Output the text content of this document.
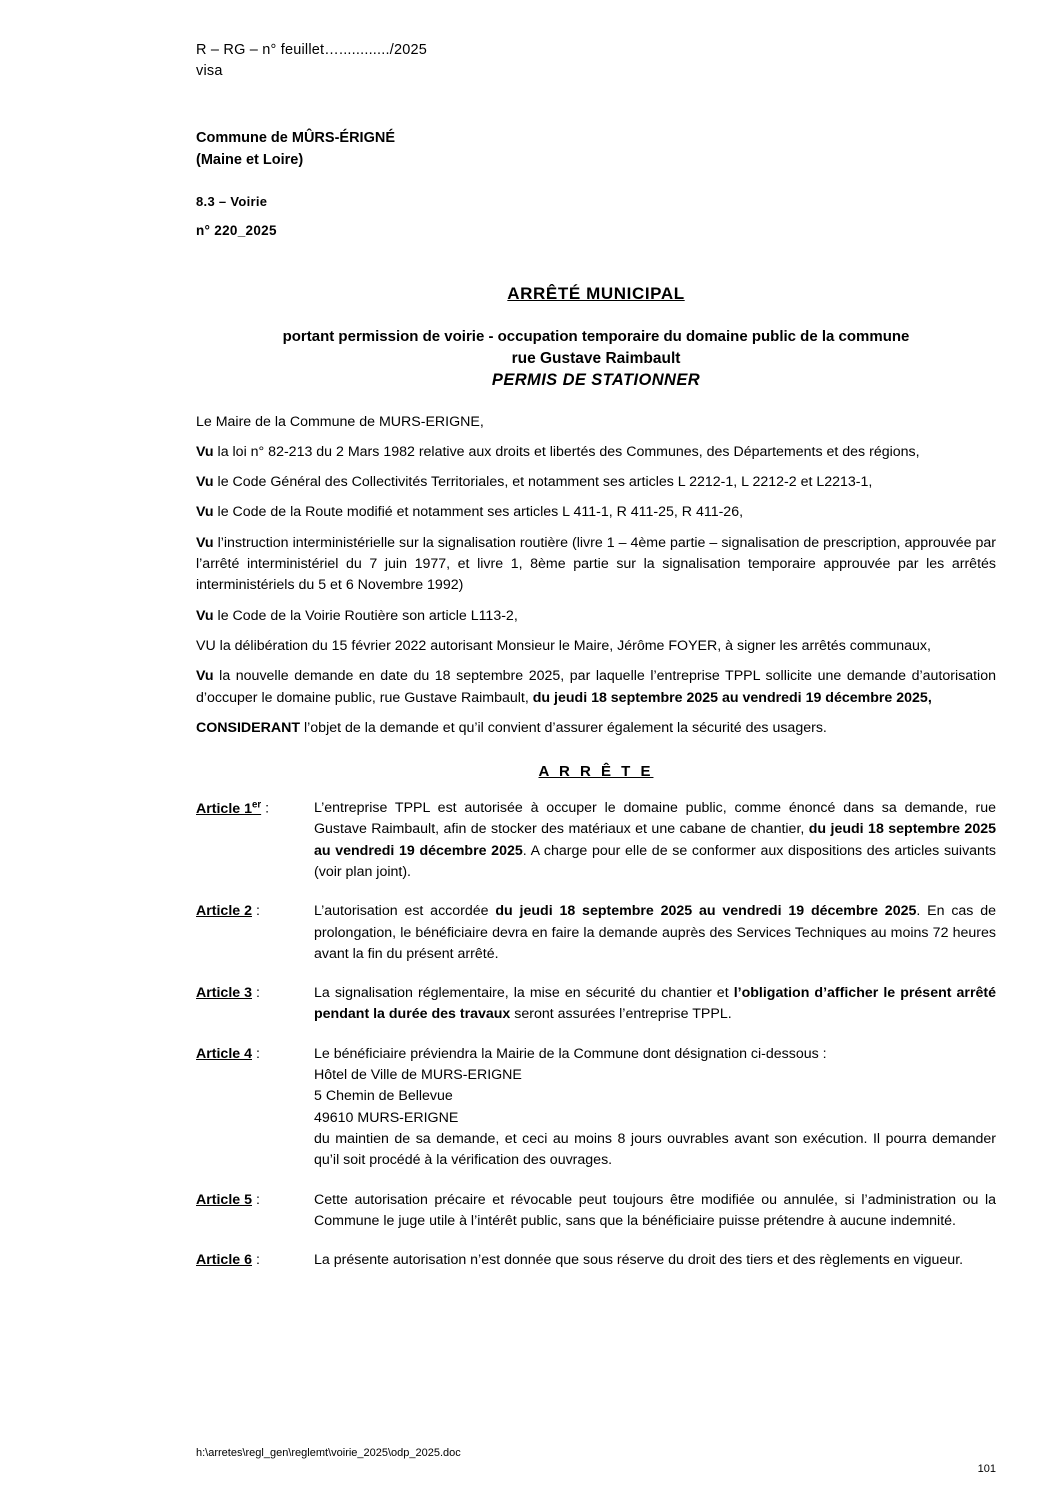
R – RG – n° feuillet…............/2025
visa
Commune de MÛRS-ÉRIGNÉ
(Maine et Loire)
8.3 – Voirie
n° 220_2025
ARRÊTÉ MUNICIPAL
portant permission de voirie - occupation temporaire du domaine public de la commune
rue Gustave Raimbault
PERMIS DE STATIONNER

Le Maire de la Commune de MURS-ERIGNE,

Vu la loi n° 82-213 du 2 Mars 1982 relative aux droits et libertés des Communes, des Départements et des régions,

Vu le Code Général des Collectivités Territoriales, et notamment ses articles L 2212-1, L 2212-2 et L2213-1,

Vu le Code de la Route modifié et notamment ses articles L 411-1, R 411-25, R 411-26,

Vu l’instruction interministérielle sur la signalisation routière (livre 1 – 4ème partie – signalisation de prescription, approuvée par l’arrêté interministériel du 7 juin 1977, et livre 1, 8ème partie sur la signalisation temporaire approuvée par les arrêtés interministériels du 5 et 6 Novembre 1992)

Vu le Code de la Voirie Routière son article L113-2,

VU la délibération du 15 février 2022 autorisant Monsieur le Maire, Jérôme FOYER, à signer les arrêtés communaux,

Vu la nouvelle demande en date du 18 septembre 2025, par laquelle l’entreprise TPPL sollicite une demande d’autorisation d’occuper le domaine public, rue Gustave Raimbault, du jeudi 18 septembre 2025 au vendredi 19 décembre 2025,

CONSIDERANT l’objet de la demande et qu’il convient d’assurer également la sécurité des usagers.

A R R Ê T E
Article 1er :	L’entreprise TPPL est autorisée à occuper le domaine public, comme énoncé dans sa demande, rue Gustave Raimbault, afin de stocker des matériaux et une cabane de chantier, du jeudi 18 septembre 2025 au vendredi 19 décembre 2025. A charge pour elle de se conformer aux dispositions des articles suivants (voir plan joint).
Article 2 :	L’autorisation est accordée du jeudi 18 septembre 2025 au vendredi 19 décembre 2025. En cas de prolongation, le bénéficiaire devra en faire la demande auprès des Services Techniques au moins 72 heures avant la fin du présent arrêté.
Article 3 :	La signalisation réglementaire, la mise en sécurité du chantier et l’obligation d’afficher le présent arrêté pendant la durée des travaux seront assurées l’entreprise TPPL.
Article 4 :	Le bénéficiaire préviendra la Mairie de la Commune dont désignation ci-dessous :
Hôtel de Ville de MURS-ERIGNE
5 Chemin de Bellevue
49610 MURS-ERIGNE
du maintien de sa demande, et ceci au moins 8 jours ouvrables avant son exécution. Il pourra demander qu’il soit procédé à la vérification des ouvrages.
Article 5 :	Cette autorisation précaire et révocable peut toujours être modifiée ou annulée, si l’administration ou la Commune le juge utile à l’intérêt public, sans que la bénéficiaire puisse prétendre à aucune indemnité.
Article 6 :	La présente autorisation n’est donnée que sous réserve du droit des tiers et des règlements en vigueur.
h:\arretes\regl_gen\reglemt\voirie_2025\odp_2025.doc
101
